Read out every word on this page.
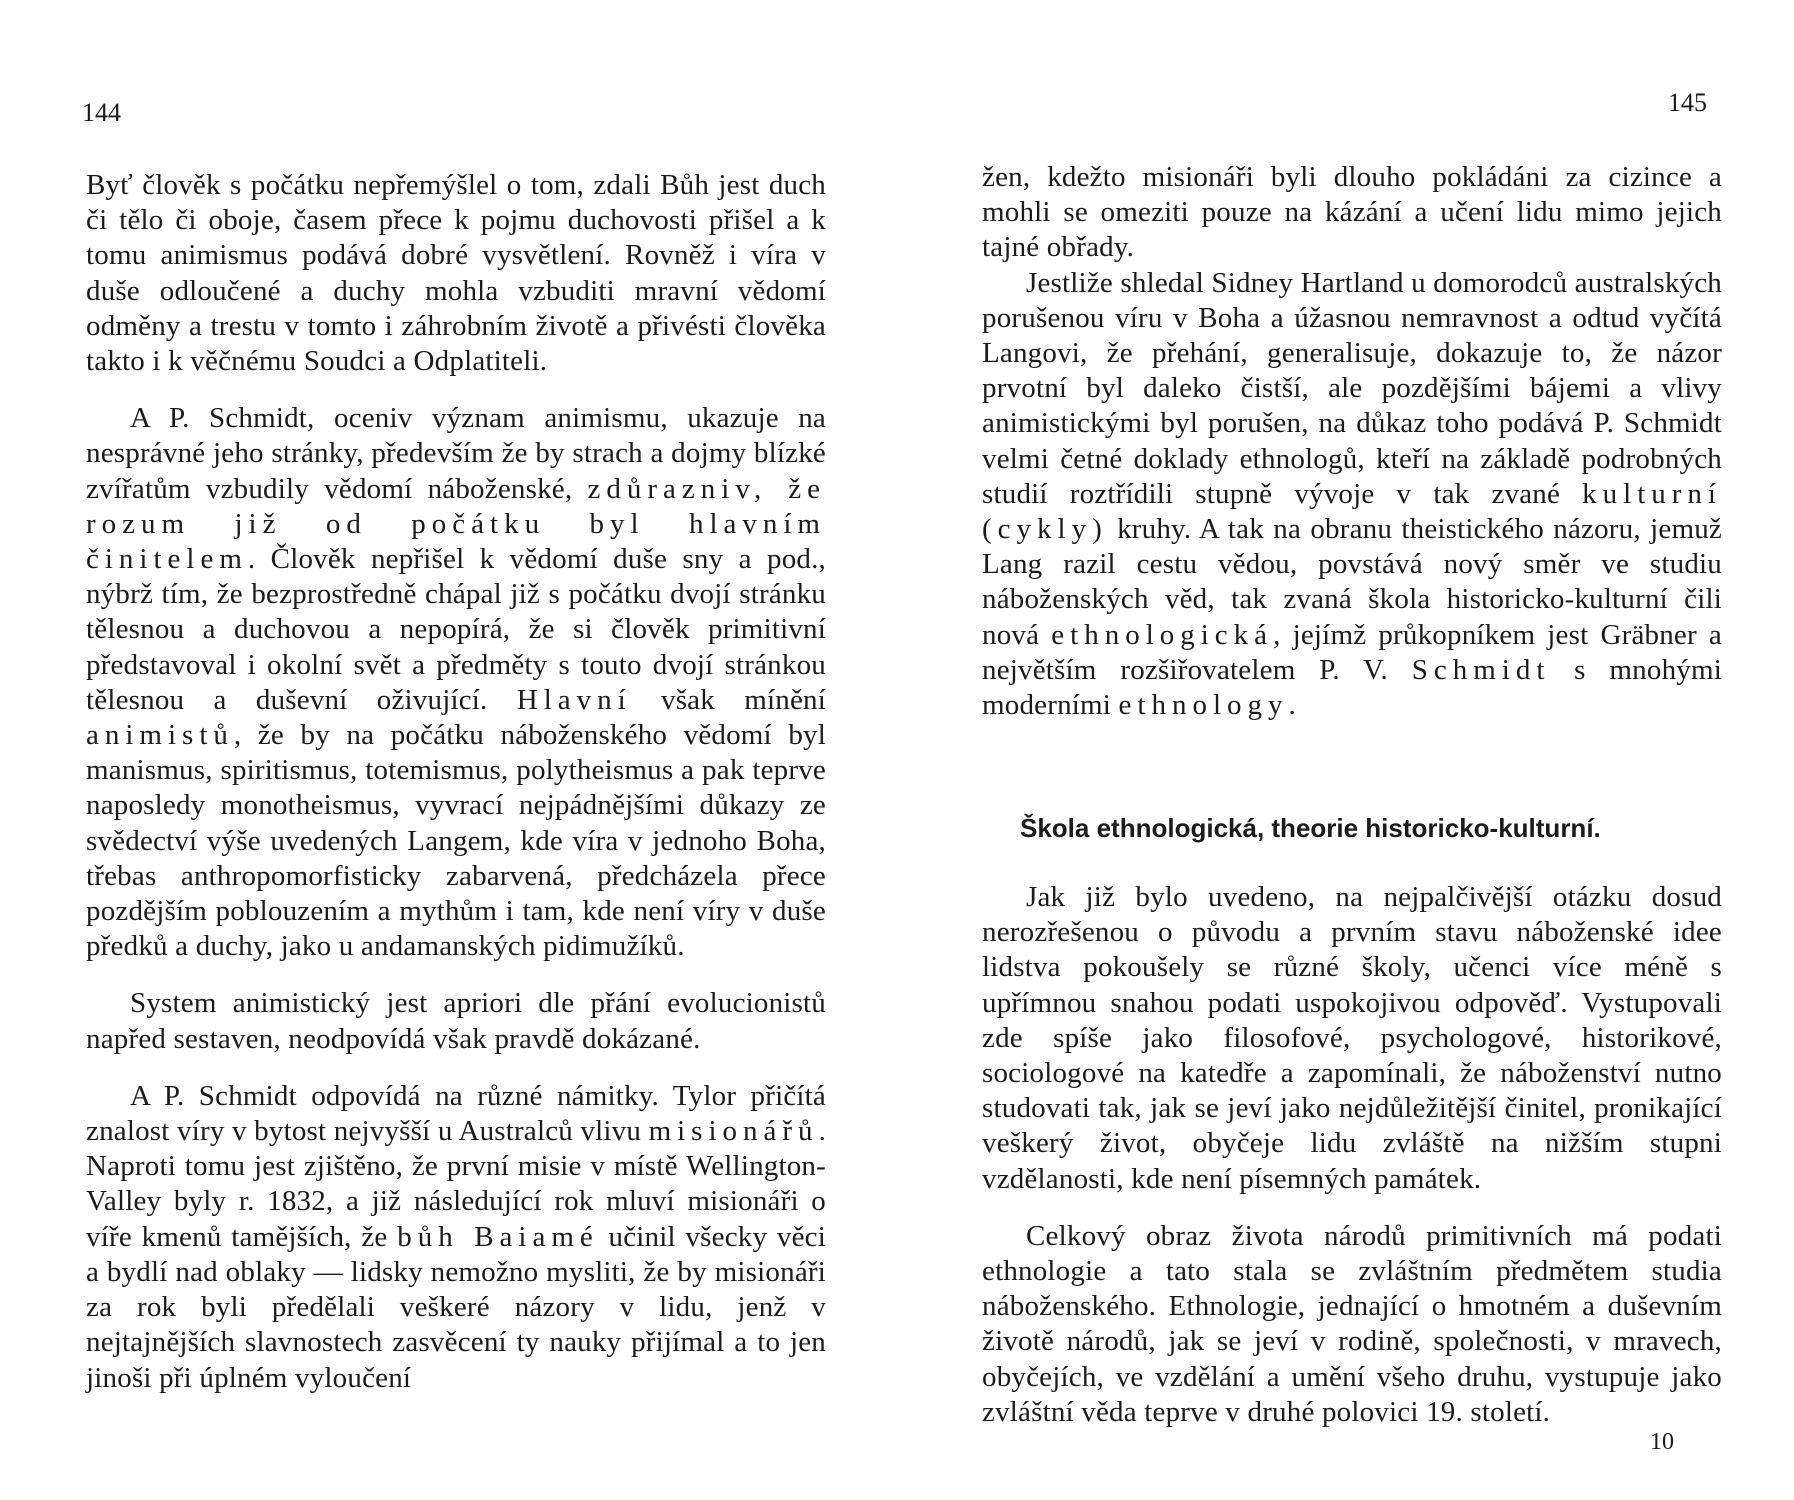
144

Byť člověk s počátku nepřemýšlel o tom, zdali Bůh jest duch či tělo či oboje, časem přece k pojmu duchovosti přišel a k tomu animismus podává dobré vysvětlení. Rovněž i víra v duše odloučené a duchy mohla vzbuditi mravní vědomí odměny a trestu v tomto i záhrobním životě a přivésti člověka takto i k věčnému Soudci a Odplatiteli.

A P. Schmidt, oceniv význam animismu, ukazuje na nesprávné jeho stránky, především že by strach a dojmy blízké zvířatům vzbudily vědomí náboženské, zdůrazniv, že rozum již od počátku byl hlavním činitelem. Člověk nepřišel k vědomí duše sny a pod., nýbrž tím, že bezprostředně chápal již s počátku dvojí stránku tělesnou a duchovou a nepopírá, že si člověk primitivní představoval i okolní svět a předměty s touto dvojí stránkou tělesnou a duševní oživující. Hlavní však mínění animistů, že by na počátku náboženského vědomí byl manismus, spiritismus, totemismus, polytheismus a pak teprve naposledy monotheismus, vyvrací nejpádnějšími důkazy ze svědectví výše uvedených Langem, kde víra v jednoho Boha, třebas anthropomorfisticky zabarvená, předcházela přece pozdějším poblouzením a mythům i tam, kde není víry v duše předků a duchy, jako u andamanských pidimužíků.

System animistický jest apriori dle přání evolucionistů napřed sestaven, neodpovídá však pravdě dokázané.

A P. Schmidt odpovídá na různé námitky. Tylor přičítá znalost víry v bytost nejvyšší u Australců vlivu misionářů. Naproti tomu jest zjištěno, že první misie v místě Wellington-Valley byly r. 1832, a již následující rok mluví misionáři o víře kmenů tamějších, že bůh Baiamé učinil všecky věci a bydlí nad oblaky — lidsky nemožno mysliti, že by misionáři za rok byli předělali veškeré názory v lidu, jenž v nejtajnějších slavnostech zasvěcení ty nauky přijímal a to jen jinoši při úplném vyloučení

145

žen, kdežto misionáři byli dlouho pokládáni za cizince a mohli se omeziti pouze na kázání a učení lidu mimo jejich tajné obřady.

Jestliže shledal Sidney Hartland u domorodců australských porušenou víru v Boha a úžasnou nemravnost a odtud vyčítá Langovi, že přehání, generalisuje, dokazuje to, že názor prvotní byl daleko čistší, ale pozdějšími bájemi a vlivy animistickými byl porušen, na důkaz toho podává P. Schmidt velmi četné doklady ethnologů, kteří na základě podrobných studií roztřídili stupně vývoje v tak zvané kulturní (cykly) kruhy. A tak na obranu theistického názoru, jemuž Lang razil cestu vědou, povstává nový směr ve studiu náboženských věd, tak zvaná škola historicko-kulturní čili nová ethnologická, jejímž průkopníkem jest Gräbner a největším rozšiřovatelem P. V. Schmidt s mnohými moderními ethnology.

Škola ethnologická, theorie historicko-kulturní.

Jak již bylo uvedeno, na nejpalčivější otázku dosud nerozřešenou o původu a prvním stavu náboženské idee lidstva pokoušely se různé školy, učenci více méně s upřímnou snahou podati uspokojivou odpověď. Vystupovali zde spíše jako filosofové, psychologové, historikové, sociologové na katedře a zapomínali, že náboženství nutno studovati tak, jak se jeví jako nejdůležitější činitel, pronikající veškerý život, obyčeje lidu zvláště na nižším stupni vzdělanosti, kde není písemných památek.

Celkový obraz života národů primitivních má podati ethnologie a tato stala se zvláštním předmětem studia náboženského. Ethnologie, jednající o hmotném a duševním životě národů, jak se jeví v rodině, společnosti, v mravech, obyčejích, ve vzdělání a umění všeho druhu, vystupuje jako zvláštní věda teprve v druhé polovici 19. století.

10
